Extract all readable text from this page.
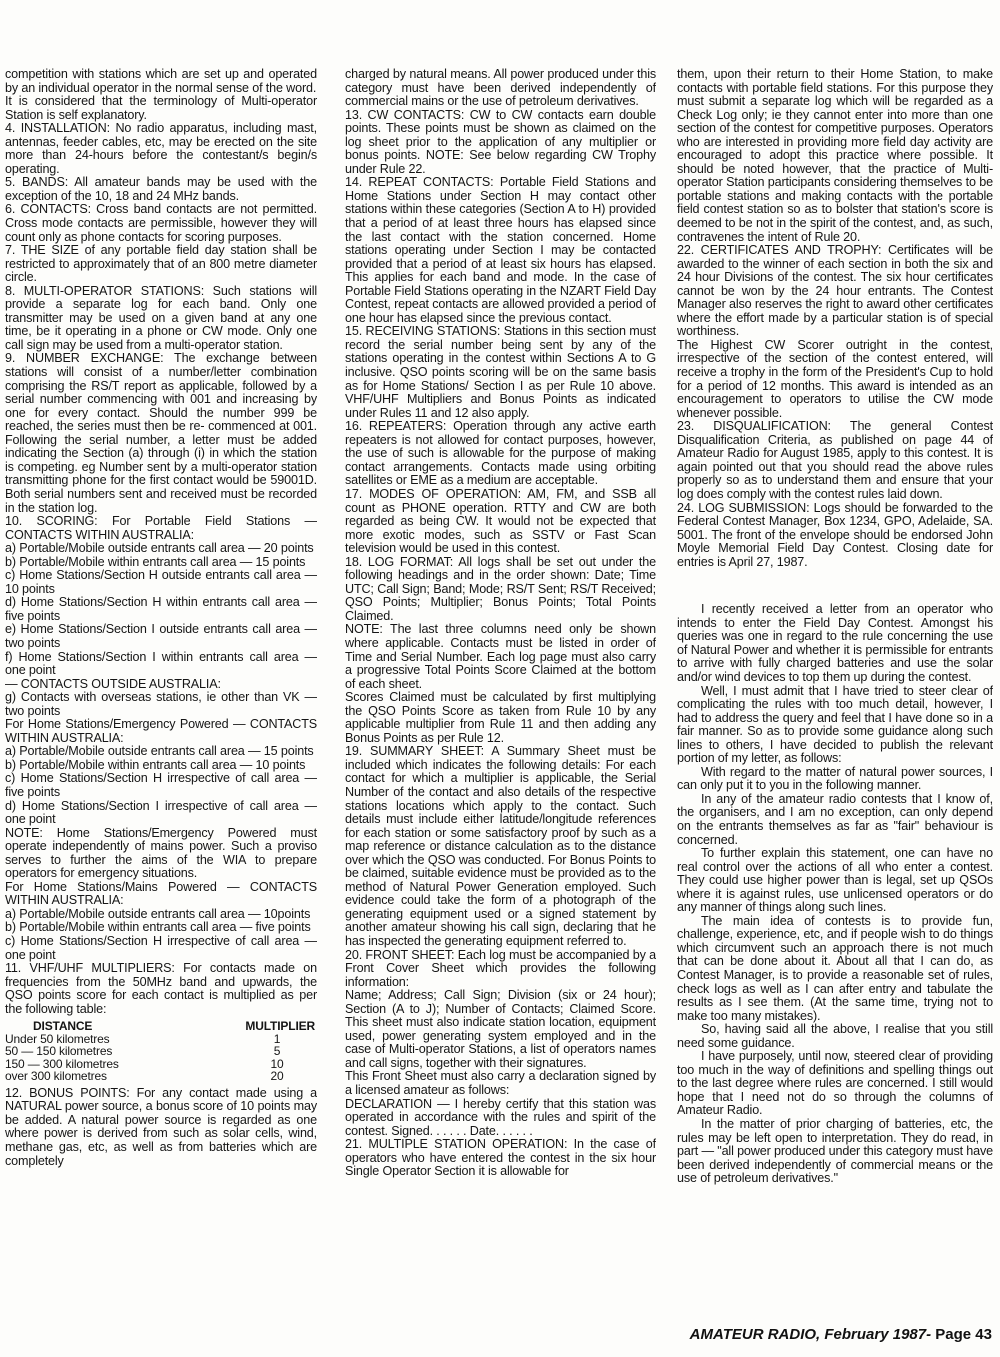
competition with stations which are set up and operated by an individual operator in the normal sense of the word.

It is considered that the terminology of Multi-operator Station is self explanatory.

4. INSTALLATION: No radio apparatus, including mast, antennas, feeder cables, etc, may be erected on the site more than 24-hours before the contestant/s begin/s operating.

5. BANDS: All amateur bands may be used with the exception of the 10, 18 and 24 MHz bands.

6. CONTACTS: Cross band contacts are not permitted. Cross mode contacts are permissible, however they will count only as phone contacts for scoring purposes.

7. THE SIZE of any portable field day station shall be restricted to approximately that of an 800 metre diameter circle.

8. MULTI-OPERATOR STATIONS: Such stations will provide a separate log for each band. Only one transmitter may be used on a given band at any one time, be it operating in a phone or CW mode. Only one call sign may be used from a multi-operator station.

9. NUMBER EXCHANGE: The exchange between stations will consist of a number/letter combination comprising the RS/T report as applicable, followed by a serial number commencing with 001 and increasing by one for every contact. Should the number 999 be reached, the series must then be re- commenced at 001. Following the serial number, a letter must be added indicating the Section (a) through (i) in which the station is competing. eg Number sent by a multi-operator station transmitting phone for the first contact would be 59001D. Both serial numbers sent and received must be recorded in the station log.

10. SCORING: For Portable Field Stations — CONTACTS WITHIN AUSTRALIA:

a) Portable/Mobile outside entrants call area — 20 points

b) Portable/Mobile within entrants call area — 15 points

c) Home Stations/Section H outside entrants call area — 10 points

d) Home Stations/Section H within entrants call area — five points

e) Home Stations/Section I outside entrants call area — two points

f) Home Stations/Section I within entrants call area — one point

— CONTACTS OUTSIDE AUSTRALIA:

g) Contacts with overseas stations, ie other than VK — two points

For Home Stations/Emergency Powered — CONTACTS WITHIN AUSTRALIA:

a) Portable/Mobile outside entrants call area — 15 points

b) Portable/Mobile within entrants call area — 10 points

c) Home Stations/Section H irrespective of call area — five points

d) Home Stations/Section I irrespective of call area — one point

NOTE: Home Stations/Emergency Powered must operate independently of mains power. Such a proviso serves to further the aims of the WIA to prepare operators for emergency situations.

For Home Stations/Mains Powered — CONTACTS WITHIN AUSTRALIA:

a) Portable/Mobile outside entrants call area — 10points

b) Portable/Mobile within entrants call area — five points

c) Home Stations/Section H irrespective of call area — one point

11. VHF/UHF MULTIPLIERS: For contacts made on frequencies from the 50MHz band and upwards, the QSO points score for each contact is multiplied as per the following table:

DISTANCE	MULTIPLIER
Under 50 kilometres	1
50 — 150 kilometres	5
150 — 300 kilometres	10
over 300 kilometres	20

12. BONUS POINTS: For any contact made using a NATURAL power source, a bonus score of 10 points may be added. A natural power source is regarded as one where power is derived from such as solar cells, wind, methane gas, etc, as well as from batteries which are completely

charged by natural means. All power produced under this category must have been derived independently of commercial mains or the use of petroleum derivatives.

13. CW CONTACTS: CW to CW contacts earn double points. These points must be shown as claimed on the log sheet prior to the application of any multiplier or bonus points. NOTE: See below regarding CW Trophy under Rule 22.

14. REPEAT CONTACTS: Portable Field Stations and Home Stations under Section H may contact other stations within these categories (Section A to H) provided that a period of at least three hours has elapsed since the last contact with the station concerned. Home stations operating under Section I may be contacted provided that a period of at least six hours has elapsed. This applies for each band and mode. In the case of Portable Field Stations operating in the NZART Field Day Contest, repeat contacts are allowed provided a period of one hour has elapsed since the previous contact.

15. RECEIVING STATIONS: Stations in this section must record the serial number being sent by any of the stations operating in the contest within Sections A to G inclusive. QSO points scoring will be on the same basis as for Home Stations/ Section I as per Rule 10 above. VHF/UHF Multipliers and Bonus Points as indicated under Rules 11 and 12 also apply.

16. REPEATERS: Operation through any active earth repeaters is not allowed for contact purposes, however, the use of such is allowable for the purpose of making contact arrangements. Contacts made using orbiting satellites or EME as a medium are acceptable.

17. MODES OF OPERATION: AM, FM, and SSB all count as PHONE operation. RTTY and CW are both regarded as being CW. It would not be expected that more exotic modes, such as SSTV or Fast Scan television would be used in this contest.

18. LOG FORMAT: All logs shall be set out under the following headings and in the order shown: Date; Time UTC; Call Sign; Band; Mode; RS/T Sent; RS/T Received; QSO Points; Multiplier; Bonus Points; Total Points Claimed.

NOTE: The last three columns need only be shown where applicable. Contacts must be listed in order of Time and Serial Number. Each log page must also carry a progressive Total Points Score Claimed at the bottom of each sheet.

Scores Claimed must be calculated by first multiplying the QSO Points Score as taken from Rule 10 by any applicable multiplier from Rule 11 and then adding any Bonus Points as per Rule 12.

19. SUMMARY SHEET: A Summary Sheet must be included which indicates the following details: For each contact for which a multiplier is applicable, the Serial Number of the contact and also details of the respective stations locations which apply to the contact. Such details must include either latitude/longitude references for each station or some satisfactory proof by such as a map reference or distance calculation as to the distance over which the QSO was conducted. For Bonus Points to be claimed, suitable evidence must be provided as to the method of Natural Power Generation employed. Such evidence could take the form of a photograph of the generating equipment used or a signed statement by another amateur showing his call sign, declaring that he has inspected the generating equipment referred to.

20. FRONT SHEET: Each log must be accompanied by a Front Cover Sheet which provides the following information:

Name; Address; Call Sign; Division (six or 24 hour); Section (A to J); Number of Contacts; Claimed Score. This sheet must also indicate station location, equipment used, power generating system employed and in the case of Multi-operator Stations, a list of operators names and call signs, together with their signatures.

This Front Sheet must also carry a declaration signed by a licensed amateur as follows:

DECLARATION — I hereby certify that this station was operated in accordance with the rules and spirit of the contest. Signed. . . . . . Date. . . . . .

21. MULTIPLE STATION OPERATION: In the case of operators who have entered the contest in the six hour Single Operator Section it is allowable for

them, upon their return to their Home Station, to make contacts with portable field stations. For this purpose they must submit a separate log which will be regarded as a Check Log only; ie they cannot enter into more than one section of the contest for competitive purposes. Operators who are interested in providing more field day activity are encouraged to adopt this practice where possible. It should be noted however, that the practice of Multi-operator Station participants considering themselves to be portable stations and making contacts with the portable field contest station so as to bolster that station's score is deemed to be not in the spirit of the contest, and, as such, contravenes the intent of Rule 20.

22. CERTIFICATES AND TROPHY: Certificates will be awarded to the winner of each section in both the six and 24 hour Divisions of the contest. The six hour certificates cannot be won by the 24 hour entrants. The Contest Manager also reserves the right to award other certificates where the effort made by a particular station is of special worthiness.

The Highest CW Scorer outright in the contest, irrespective of the section of the contest entered, will receive a trophy in the form of the President's Cup to hold for a period of 12 months. This award is intended as an encouragement to operators to utilise the CW mode whenever possible.

23. DISQUALIFICATION: The general Contest Disqualification Criteria, as published on page 44 of Amateur Radio for August 1985, apply to this contest. It is again pointed out that you should read the above rules properly so as to understand them and ensure that your log does comply with the contest rules laid down.

24. LOG SUBMISSION: Logs should be forwarded to the Federal Contest Manager, Box 1234, GPO, Adelaide, SA. 5001. The front of the envelope should be endorsed John Moyle Memorial Field Day Contest. Closing date for entries is April 27, 1987.

I recently received a letter from an operator who intends to enter the Field Day Contest. Amongst his queries was one in regard to the rule concerning the use of Natural Power and whether it is permissible for entrants to arrive with fully charged batteries and use the solar and/or wind devices to top them up during the contest.

Well, I must admit that I have tried to steer clear of complicating the rules with too much detail, however, I had to address the query and feel that I have done so in a fair manner. So as to provide some guidance along such lines to others, I have decided to publish the relevant portion of my letter, as follows:

With regard to the matter of natural power sources, I can only put it to you in the following manner.

In any of the amateur radio contests that I know of, the organisers, and I am no exception, can only depend on the entrants themselves as far as "fair" behaviour is concerned.

To further explain this statement, one can have no real control over the actions of all who enter a contest. They could use higher power than is legal, set up QSOs where it is against rules, use unlicensed operators or do any manner of things along such lines.

The main idea of contests is to provide fun, challenge, experience, etc, and if people wish to do things which circumvent such an approach there is not much that can be done about it. About all that I can do, as Contest Manager, is to provide a reasonable set of rules, check logs as well as I can after entry and tabulate the results as I see them. (At the same time, trying not to make too many mistakes).

So, having said all the above, I realise that you still need some guidance.

I have purposely, until now, steered clear of providing too much in the way of definitions and spelling things out to the last degree where rules are concerned. I still would hope that I need not do so through the columns of Amateur Radio.

In the matter of prior charging of batteries, etc, the rules may be left open to interpretation. They do read, in part — "all power produced under this category must have been derived independently of commercial means or the use of petroleum derivatives."

AMATEUR RADIO, February 1987- Page 43
